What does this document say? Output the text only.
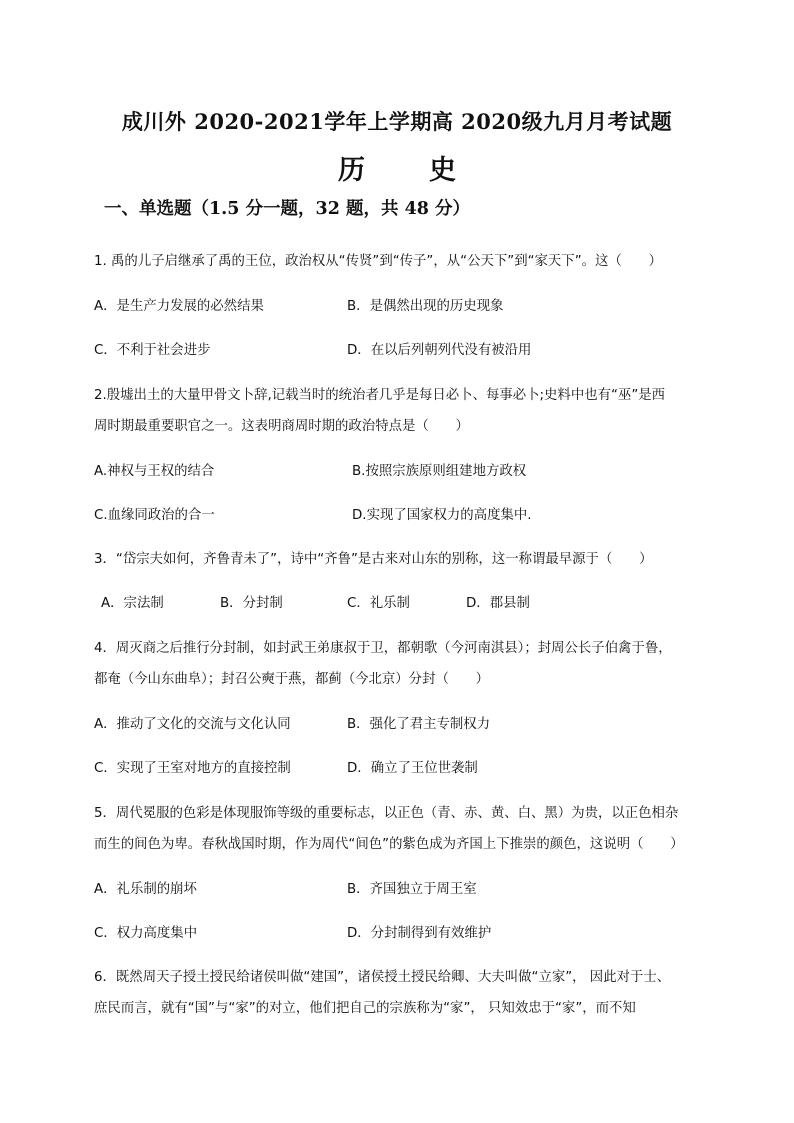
成川外 2020-2021学年上学期高 2020级九月月考试题
历 史
一、单选题（1.5 分一题，32 题，共 48 分）
1. 禹的儿子启继承了禹的王位，政治权从“传贤”到“传子”，从“公天下”到“家天下”。这（　　）
A．是生产力发展的必然结果	B．是偶然出现的历史现象
C．不利于社会进步	D．在以后列朝列代没有被沿用
2.殷墟出土的大量甲骨文卜辞,记载当时的统治者几乎是每日必卜、每事必卜;史料中也有“巫”是西
周时期最重要职官之一。这表明商周时期的政治特点是（　　）
A.神权与王权的结合	B.按照宗族原则组建地方政权
C.血缘同政治的合一	D.实现了国家权力的高度集中.
3．“岱宗夫如何，齐鲁青未了”，诗中“齐鲁”是古来对山东的别称，这一称谓最早源于（　　）
A．宗法制	B．分封制	C．礼乐制	D．郡县制
4．周灭商之后推行分封制，如封武王弟康叔于卫，都朝歌（今河南淇县）；封周公长子伯禽于鲁，
都奄（今山东曲阜）；封召公奭于燕，都蓟（今北京）分封（　　）
A．推动了文化的交流与文化认同	B．强化了君主专制权力
C．实现了王室对地方的直接控制	D．确立了王位世袭制
5．周代冕服的色彩是体现服饰等级的重要标志，以正色（青、赤、黄、白、黑）为贵，以正色相杂
而生的间色为卑。春秋战国时期，作为周代“间色”的紫色成为齐国上下推崇的颜色，这说明（　　）
A．礼乐制的崩坏	B．齐国独立于周王室
C．权力高度集中	D．分封制得到有效维护
6．既然周天子授土授民给诸侯叫做“建国”，诸侯授土授民给卿、大夫叫做“立家”， 因此对于士、
庶民而言，就有“国”与“家”的对立，他们把自己的宗族称为“家”， 只知效忠于“家”，而不知
